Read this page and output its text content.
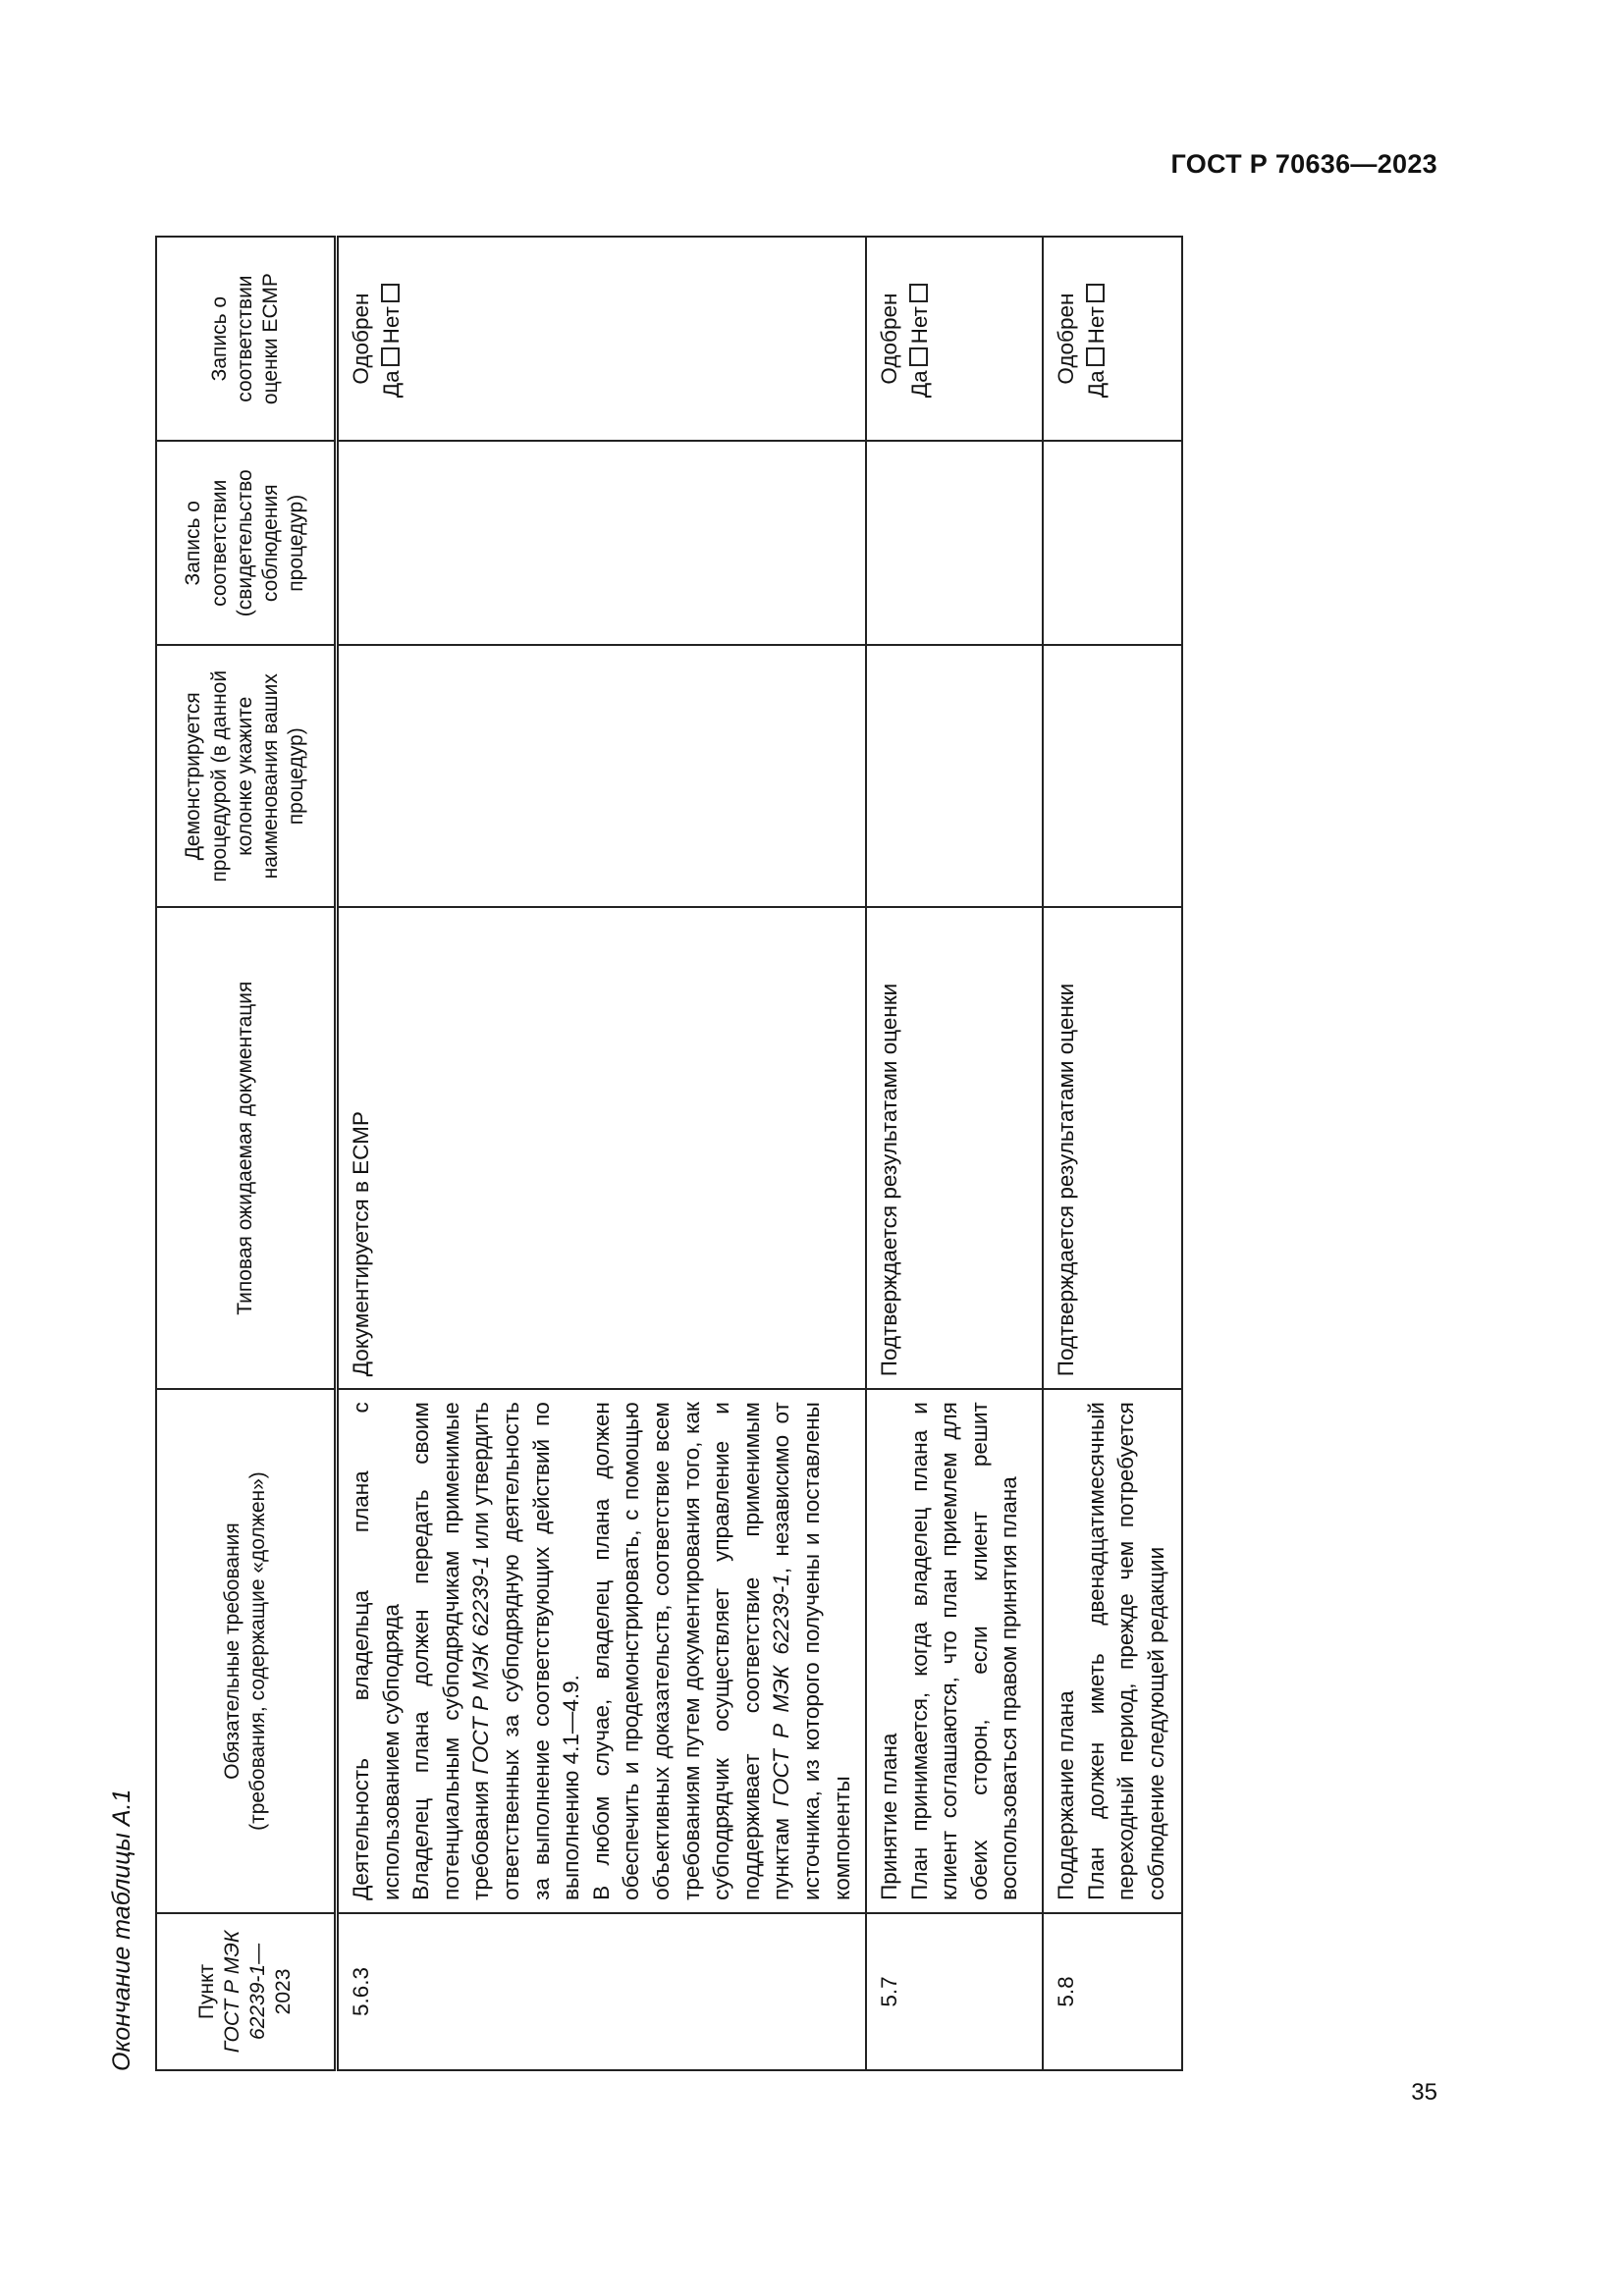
ГОСТ Р 70636—2023
Окончание таблицы А.1	Пункт ГОСТ Р МЭК 62239-1— 2023	Обязательные требования (требования, содержащие «должен»)	Типовая ожидаемая документация	Демонстрируется процедурой (в данной колонке укажите наименования ваших процедур)	Запись о соответствии (свидетельство соблюдения процедур)	Запись о соответствии оценки ЕСМР
5.6.3	Деятельность владельца плана с использованием субподряда Владелец плана должен передать своим потенциальным субподрядчикам применимые требования ГОСТ Р МЭК 62239-1 или утвердить ответственных за субподрядную деятельность за выполнение соответствующих действий по выполнению 4.1—4.9. В любом случае, владелец плана должен обеспечить и продемонстрировать, с помощью объективных доказательств, соответствие всем требованиям путем документирования того, как субподрядчик осуществляет управление и поддерживает соответствие применимым пунктам ГОСТ Р МЭК 62239-1, независимо от источника, из которого получены и поставлены компоненты	Документируется в ЕСМР			Одобрен ДаНет

5.7	Принятие плана План принимается, когда владелец плана и клиент соглашаются, что план приемлем для обеих сторон, если клиент решит воспользоваться правом принятия плана	Подтверждается результатами оценки			Одобрен ДаНет

5.8	Поддержание плана План должен иметь двенадцатимесячный переходный период, прежде чем потребуется соблюдение следующей редакции	Подтверждается результатами оценки			Одобрен ДаНет
35
